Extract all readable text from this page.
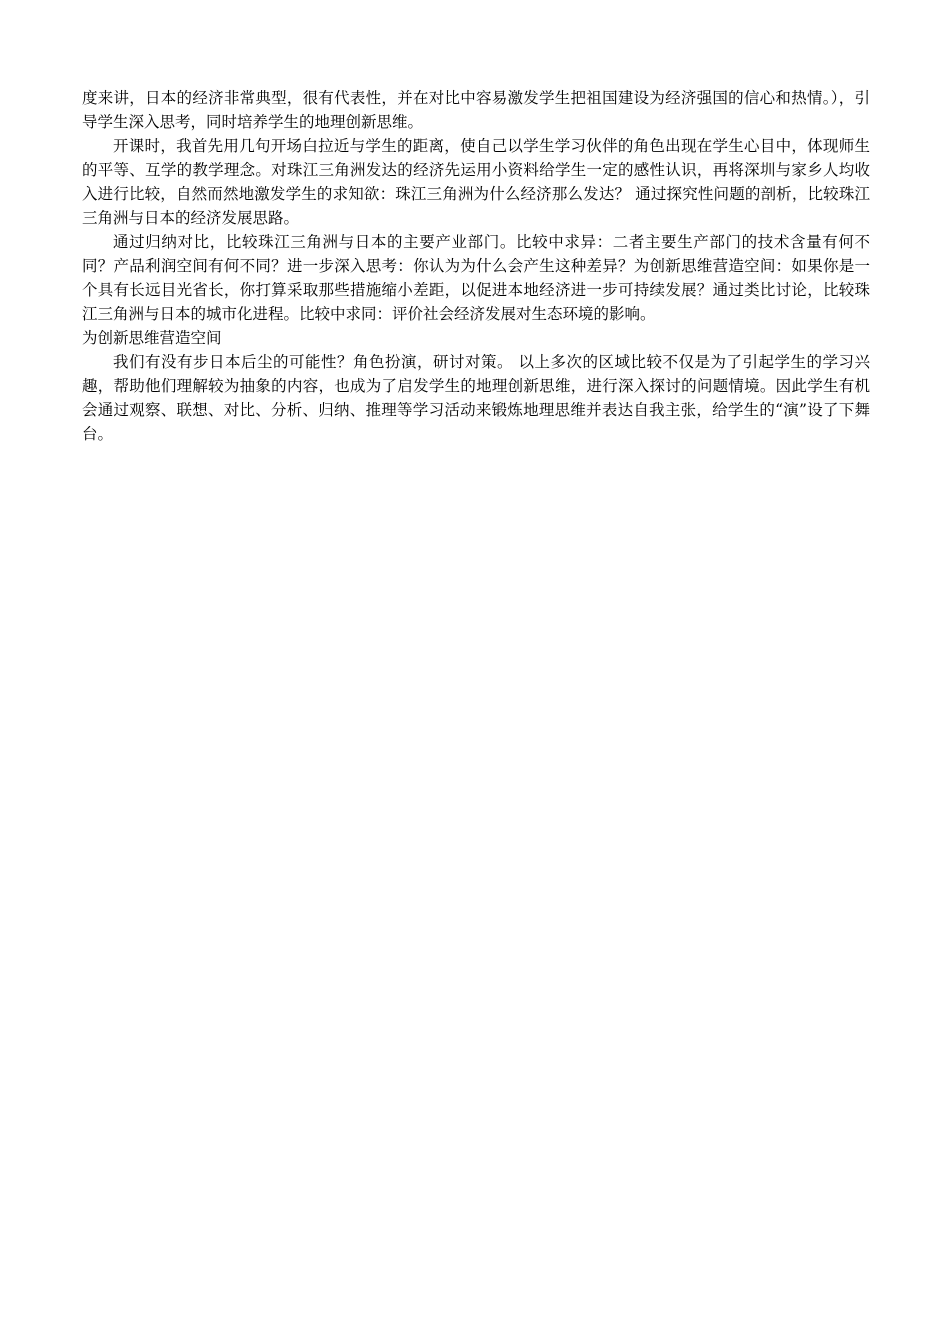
度来讲，日本的经济非常典型，很有代表性，并在对比中容易激发学生把祖国建设为经济强国的信心和热情。），引导学生深入思考，同时培养学生的地理创新思维。

开课时，我首先用几句开场白拉近与学生的距离，使自己以学生学习伙伴的角色出现在学生心目中，体现师生的平等、互学的教学理念。对珠江三角洲发达的经济先运用小资料给学生一定的感性认识，再将深圳与家乡人均收入进行比较，自然而然地激发学生的求知欲：珠江三角洲为什么经济那么发达？ 通过探究性问题的剖析，比较珠江三角洲与日本的经济发展思路。

通过归纳对比，比较珠江三角洲与日本的主要产业部门。比较中求异：二者主要生产部门的技术含量有何不同？产品利润空间有何不同？进一步深入思考：你认为为什么会产生这种差异？为创新思维营造空间：如果你是一个具有长远目光省长，你打算采取那些措施缩小差距，以促进本地经济进一步可持续发展？通过类比讨论，比较珠江三角洲与日本的城市化进程。比较中求同：评价社会经济发展对生态环境的影响。

为创新思维营造空间

我们有没有步日本后尘的可能性？角色扮演，研讨对策。 以上多次的区域比较不仅是为了引起学生的学习兴趣，帮助他们理解较为抽象的内容，也成为了启发学生的地理创新思维，进行深入探讨的问题情境。因此学生有机会通过观察、联想、对比、分析、归纳、推理等学习活动来锻炼地理思维并表达自我主张，给学生的“演”设了下舞台。
